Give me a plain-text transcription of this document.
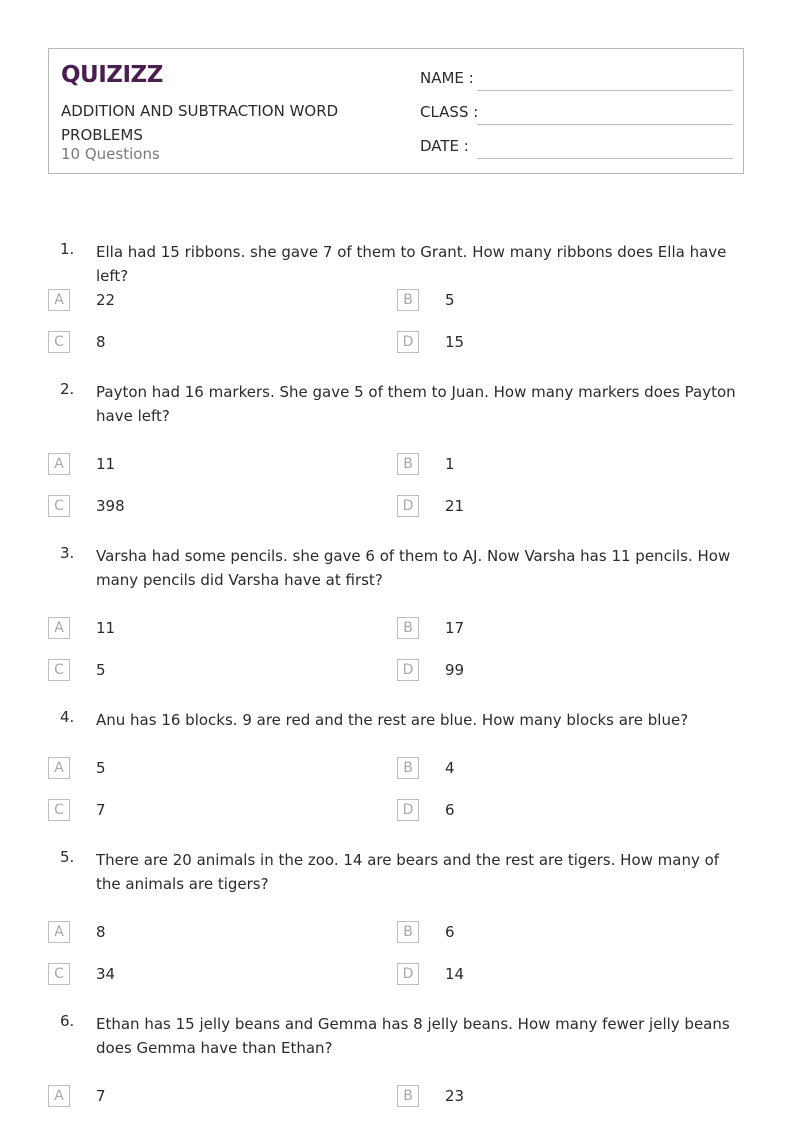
QUIZIZZ
ADDITION AND SUBTRACTION WORD PROBLEMS
10 Questions
NAME :
CLASS :
DATE :
1. Ella had 15 ribbons. she gave 7 of them to Grant. How many ribbons does Ella have left?
A	22	B	5
C	8	D	15
2. Payton had 16 markers. She gave 5 of them to Juan. How many markers does Payton have left?
A	11	B	1
C	398	D	21
3. Varsha had some pencils. she gave 6 of them to AJ. Now Varsha has 11 pencils. How many pencils did Varsha have at first?
A	11	B	17
C	5	D	99
4. Anu has 16 blocks. 9 are red and the rest are blue. How many blocks are blue?
A	5	B	4
C	7	D	6
5. There are 20 animals in the zoo. 14 are bears and the rest are tigers. How many of the animals are tigers?
A	8	B	6
C	34	D	14
6. Ethan has 15 jelly beans and Gemma has 8 jelly beans. How many fewer jelly beans does Gemma have than Ethan?
A	7	B	23
